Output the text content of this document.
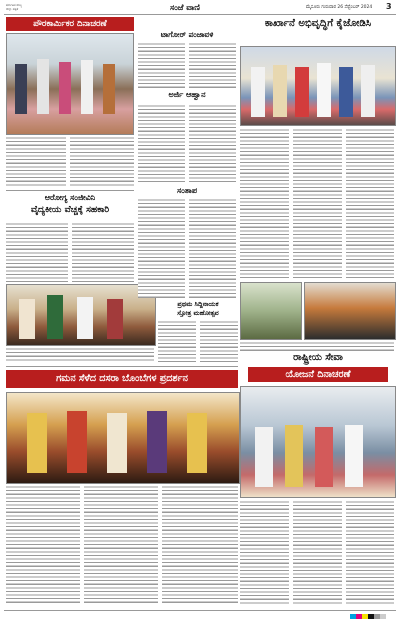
ಕರ್ನಾಟಕ ರಾಜ್ಯ
ಜಿಲ್ಲಾ ಪತ್ರಿಕೆ	ಸಂಜೆ ವಾಣಿ	ಮೈಸೂರು ಗುರುವಾರ 26 ಸೆಪ್ಟೆಂಬರ್ 2024 3
ಪೌರಕಾರ್ಮಿಕರ ದಿನಾಚರಣೆ
ಟಾಗೋರ್ ಪಂಜಾವಳಿ
ಅರ್ಜಿ ಆಹ್ವಾನ
ಕಾರ್ಖಾನೆ ಅಭಿವೃದ್ಧಿಗೆ ಕೈಜೋಡಿಸಿ
ಆರೋಗ್ಯ ಸಂಜೀವಿನಿ
ವೈದ್ಯಕೀಯ ವೆಚ್ಚಕ್ಕೆ ಸಹಕಾರಿ
ಸಂತಾಪ
ಪ್ರಥಮ ಸಿದ್ದಿನಾಯಕ
ಸ್ತೋತ್ರ ಮಹೋತ್ಸವ
ರಾಷ್ಟ್ರೀಯ ಸೇವಾ
ಯೋಜನೆ ದಿನಾಚರಣೆ
ಗಮನ ಸೆಳೆದ ದಸರಾ ಬೊಂಬೆಗಳ ಪ್ರದರ್ಶನ
